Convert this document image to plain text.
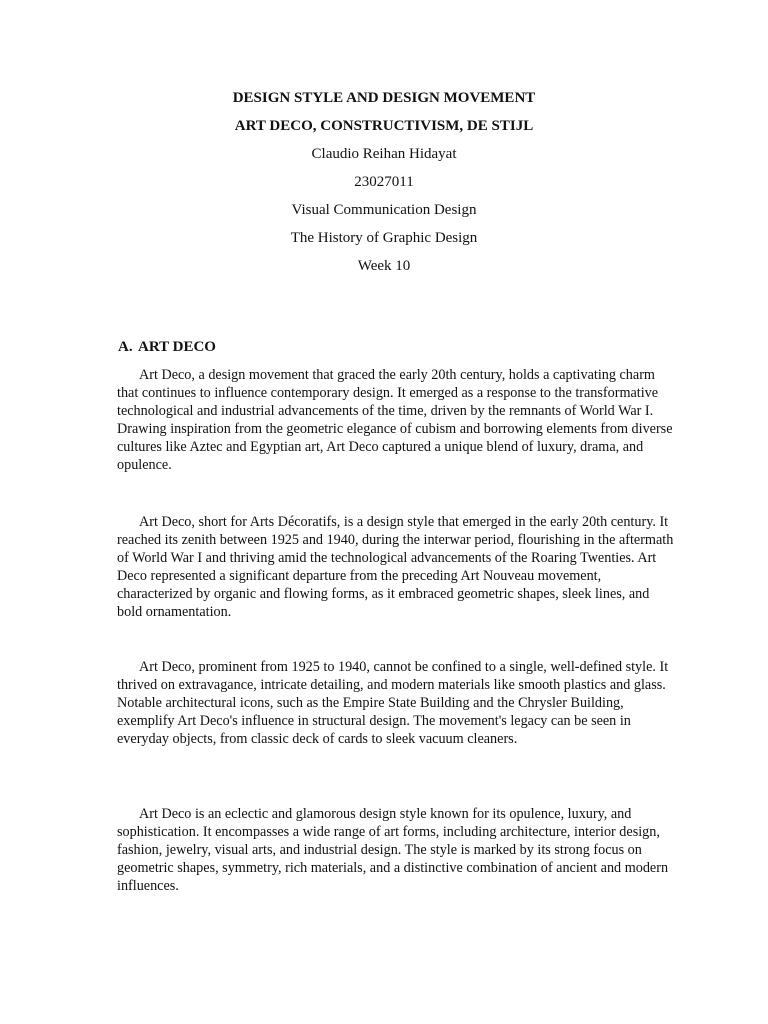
DESIGN STYLE AND DESIGN MOVEMENT

ART DECO, CONSTRUCTIVISM, DE STIJL

Claudio Reihan Hidayat

23027011

Visual Communication Design

The History of Graphic Design

Week 10

A. ART DECO

Art Deco, a design movement that graced the early 20th century, holds a captivating charm that continues to influence contemporary design. It emerged as a response to the transformative technological and industrial advancements of the time, driven by the remnants of World War I. Drawing inspiration from the geometric elegance of cubism and borrowing elements from diverse cultures like Aztec and Egyptian art, Art Deco captured a unique blend of luxury, drama, and opulence.

Art Deco, short for Arts Décoratifs, is a design style that emerged in the early 20th century. It reached its zenith between 1925 and 1940, during the interwar period, flourishing in the aftermath of World War I and thriving amid the technological advancements of the Roaring Twenties. Art Deco represented a significant departure from the preceding Art Nouveau movement, characterized by organic and flowing forms, as it embraced geometric shapes, sleek lines, and bold ornamentation.

Art Deco, prominent from 1925 to 1940, cannot be confined to a single, well-defined style. It thrived on extravagance, intricate detailing, and modern materials like smooth plastics and glass. Notable architectural icons, such as the Empire State Building and the Chrysler Building, exemplify Art Deco's influence in structural design. The movement's legacy can be seen in everyday objects, from classic deck of cards to sleek vacuum cleaners.

Art Deco is an eclectic and glamorous design style known for its opulence, luxury, and sophistication. It encompasses a wide range of art forms, including architecture, interior design, fashion, jewelry, visual arts, and industrial design. The style is marked by its strong focus on geometric shapes, symmetry, rich materials, and a distinctive combination of ancient and modern influences.
